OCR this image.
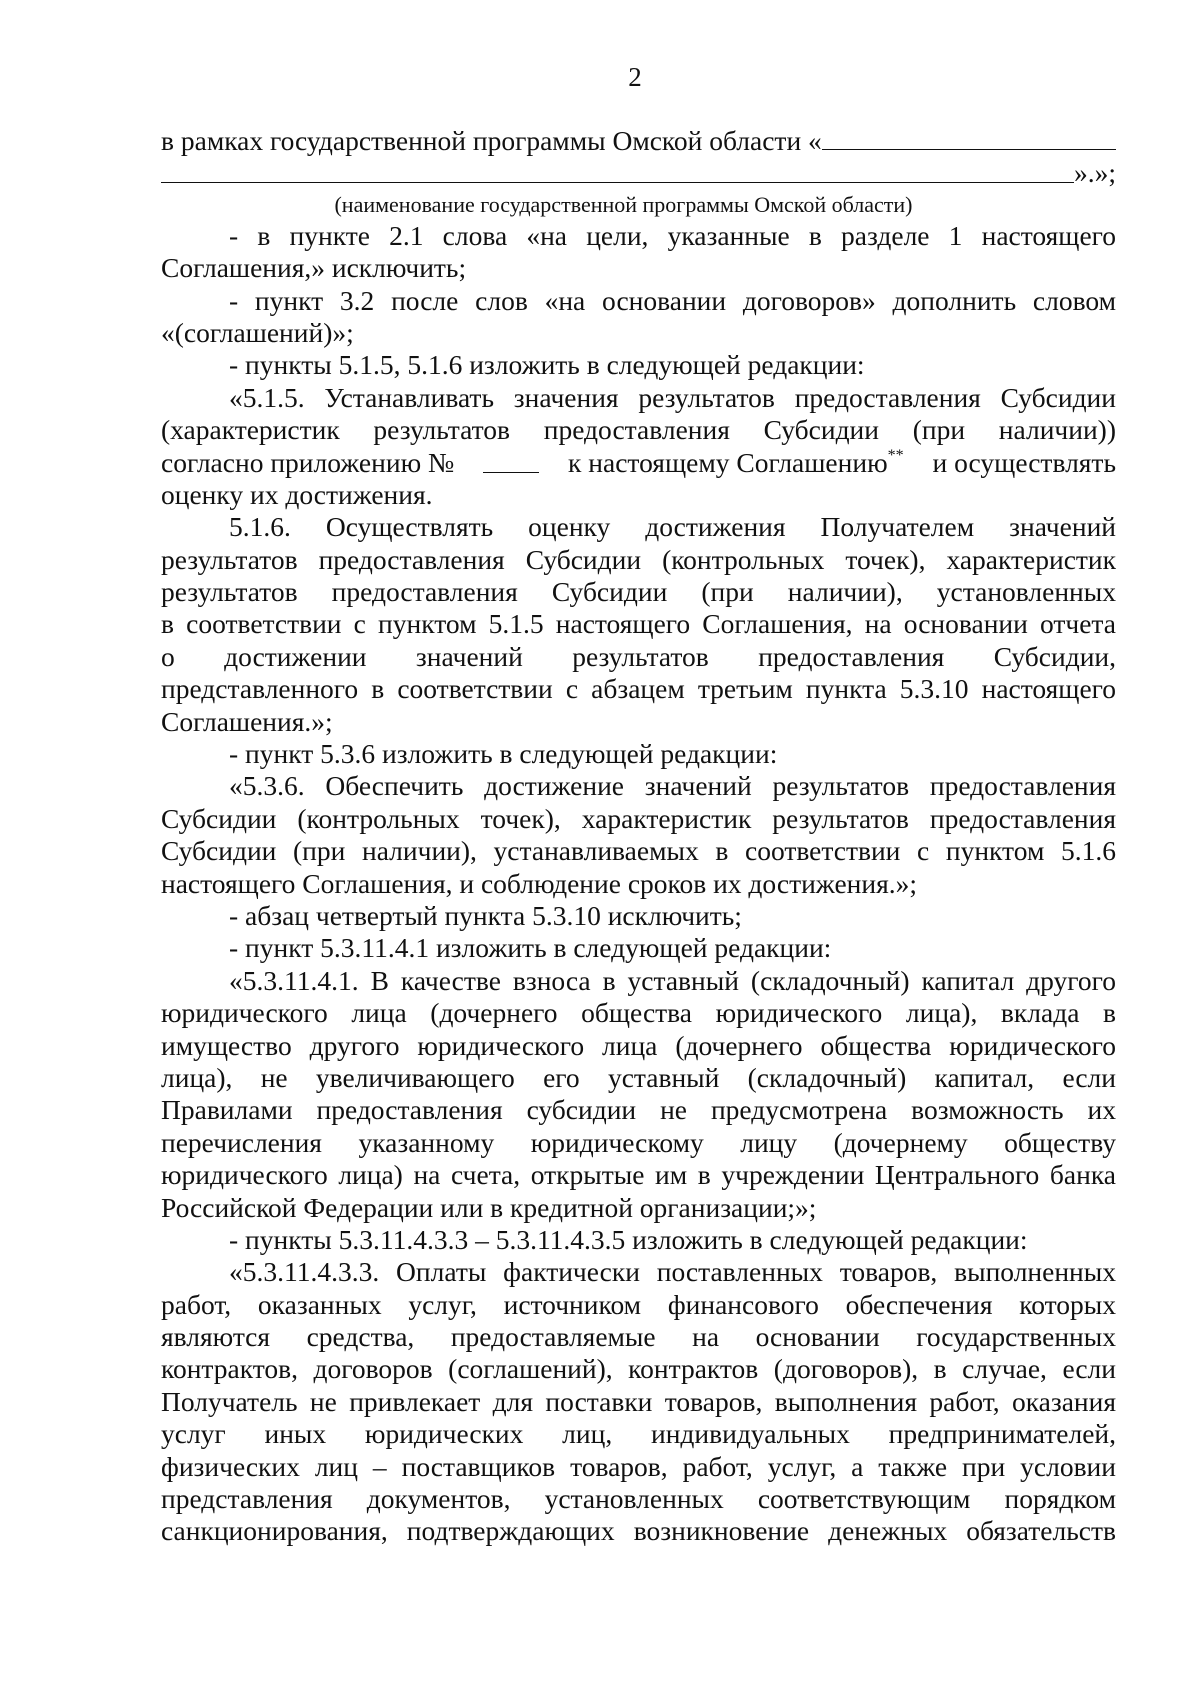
2
в рамках государственной программы Омской области «
».»;
(наименование государственной программы Омской области)
- в пункте 2.1 слова «на цели, указанные в разделе 1 настоящего
Соглашения,» исключить;
- пункт 3.2 после слов «на основании договоров» дополнить словом
«(соглашений)»;
- пункты 5.1.5, 5.1.6 изложить в следующей редакции:
«5.1.5. Устанавливать значения результатов предоставления Субсидии
(характеристик результатов предоставления Субсидии (при наличии))
согласно приложению №	к настоящему Соглашению** и осуществлять
оценку их достижения.
5.1.6. Осуществлять оценку достижения Получателем значений
результатов предоставления Субсидии (контрольных точек), характеристик
результатов предоставления Субсидии (при наличии), установленных
в соответствии с пунктом 5.1.5 настоящего Соглашения, на основании отчета
о достижении значений результатов предоставления Субсидии,
представленного в соответствии с абзацем третьим пункта 5.3.10 настоящего
Соглашения.»;
- пункт 5.3.6 изложить в следующей редакции:
«5.3.6. Обеспечить достижение значений результатов предоставления
Субсидии (контрольных точек), характеристик результатов предоставления
Субсидии (при наличии), устанавливаемых в соответствии с пунктом 5.1.6
настоящего Соглашения, и соблюдение сроков их достижения.»;
- абзац четвертый пункта 5.3.10 исключить;
- пункт 5.3.11.4.1 изложить в следующей редакции:
«5.3.11.4.1. В качестве взноса в уставный (складочный) капитал другого
юридического лица (дочернего общества юридического лица), вклада в
имущество другого юридического лица (дочернего общества юридического
лица), не увеличивающего его уставный (складочный) капитал, если
Правилами предоставления субсидии не предусмотрена возможность их
перечисления указанному юридическому лицу (дочернему обществу
юридического лица) на счета, открытые им в учреждении Центрального банка
Российской Федерации или в кредитной организации;»;
- пункты 5.3.11.4.3.3 – 5.3.11.4.3.5 изложить в следующей редакции:
«5.3.11.4.3.3. Оплаты фактически поставленных товаров, выполненных
работ, оказанных услуг, источником финансового обеспечения которых
являются средства, предоставляемые на основании государственных
контрактов, договоров (соглашений), контрактов (договоров), в случае, если
Получатель не привлекает для поставки товаров, выполнения работ, оказания
услуг иных юридических лиц, индивидуальных предпринимателей,
физических лиц – поставщиков товаров, работ, услуг, а также при условии
представления документов, установленных соответствующим порядком
санкционирования, подтверждающих возникновение денежных обязательств
